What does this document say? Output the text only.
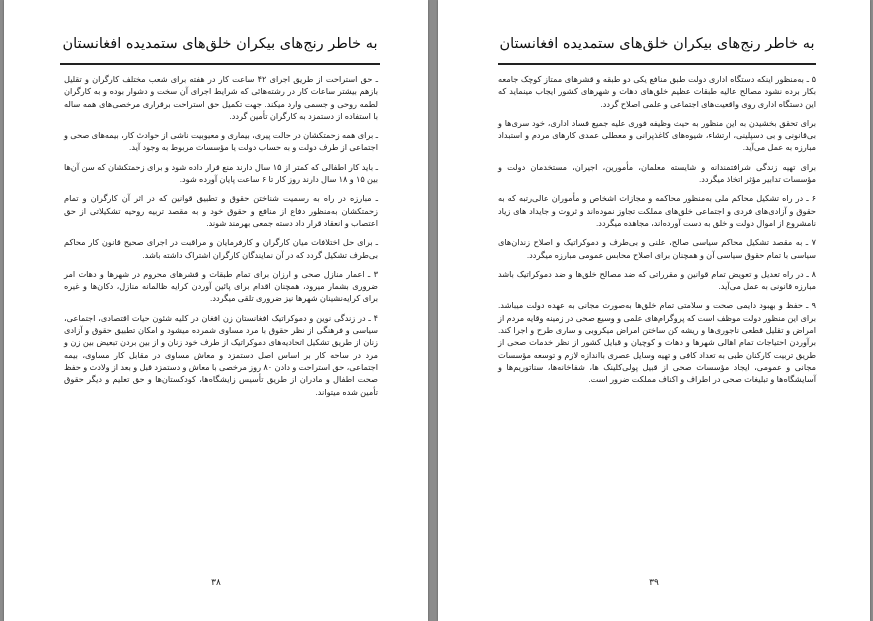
به خاطر رنج‌های بیکران خلق‌های ستمدیده افغانستان

ـ حق استراحت از طریق اجرای ۴۲ ساعت کار در هفته برای شعب مختلف کارگران و تقلیل بازهم بیشتر ساعات کار در رشته‌هائی که شرایط اجرای آن سخت و دشوار بوده و به کارگران لطمه روحی و جسمی وارد میکند. جهت تکمیل حق استراحت برقراری مرخصی‌های همه ساله با استفاده از دستمزد به کارگران تأمین گردد.

ـ برای همه زحمتکشان در حالت پیری، بیماری و معیوبیت ناشی از حوادث کار، بیمه‌های صحی و اجتماعی از طرف دولت و به حساب دولت یا مؤسسات مربوط به وجود آید.

ـ باید کار اطفالی که کمتر از ۱۵ سال دارند منع قرار داده شود و برای زحمتکشان که سن آن‌ها بین ۱۵ و ۱۸ سال دارند روز کار تا ۶ ساعت پایان آورده شود.

ـ مبارزه در راه به رسمیت شناختن حقوق و تطبیق قوانین که در اثر آن کارگران و تمام زحمتکشان به‌منظور دفاع از منافع و حقوق خود و به مقصد تربیه روحیه تشکیلاتی از حق اعتصاب و انعقاد قرار داد دسته جمعی بهرمند شوند.

ـ برای حل اختلافات میان کارگران و کارفرمایان و مراقبت در اجرای صحیح قانون کار محاکم بی‌طرف تشکیل گردد که در آن نمایندگان کارگران اشتراک داشته باشد.

۳ ـ اعمار منازل صحی و ارزان برای تمام طبقات و قشرهای محروم در شهرها و دهات امر ضروری بشمار میرود، همچنان اقدام برای پائین آوردن کرایه ظالمانه منازل، دکان‌ها و غیره برای کرایه‌نشینان شهرها نیز ضروری تلقی میگردد.

۴ ـ در زندگی نوین و دموکراتیک افغانستان زن افغان در کلیه شئون حیات اقتصادی، اجتماعی، سیاسی و فرهنگی از نظر حقوق با مرد مساوی شمرده میشود و امکان تطبیق حقوق و آزادی زنان از طریق تشکیل اتحادیه‌های دموکراتیک از طرف خود زنان و از بین بردن تبعیض بین زن و مرد در ساحه کار بر اساس اصل دستمزد و معاش مساوی در مقابل کار مساوی، بیمه اجتماعی، حق استراحت و دادن ۸۰ روز مرخصی با معاش و دستمزد قبل و بعد از ولادت و حفظ صحت اطفال و مادران از طریق تأسیس زایشگاه‌ها، کودکستان‌ها و حق تعلیم و دیگر حقوق تأمین شده میتواند.

۳۸
به خاطر رنج‌های بیکران خلق‌های ستمدیده افغانستان

۵ ـ به‌منظور اینکه دستگاه اداری دولت طبق منافع یکی دو طبقه و قشرهای ممتاز کوچک جامعه بکار برده نشود مصالح عالیه طبقات عظیم خلق‌های دهات و شهرهای کشور ایجاب مینماید که این دستگاه اداری روی واقعیت‌های اجتماعی و علمی اصلاح گردد.

برای تحقق بخشیدن به این منظور به حیث وظیفه فوری علیه جمیع فساد اداری، خود سری‌ها و بی‌قانونی و بی دسپلینی، ارتشاء، شیوه‌های کاغذپرانی و معطلی عمدی کارهای مردم و استبداد مبارزه به عمل می‌آید.

برای تهیه زندگی شرافتمندانه و شایسته معلمان، مأمورین، اجیران، مستخدمان دولت و مؤسسات تدابیر مؤثر اتخاذ میگردد.

۶ ـ در راه تشکیل محاکم ملی به‌منظور محاکمه و مجازات اشخاص و مأموران عالی‌رتبه که به حقوق و آزادی‌های فردی و اجتماعی خلق‌های مملکت تجاوز نموده‌اند و ثروت و جایداد های زیاد نامشروع از اموال دولت و خلق به دست آورده‌اند، مجاهده میگردد.

۷ ـ به مقصد تشکیل محاکم سیاسی صالح، علنی و بی‌طرف و دموکراتیک و اصلاح زندان‌های سیاسی با تمام حقوق سیاسی آن و همچنان برای اصلاح محابس عمومی مبارزه میگردد.

۸ ـ در راه تعدیل و تعویض تمام قوانین و مقرراتی که ضد مصالح خلق‌ها و ضد دموکراتیک باشد مبارزه قانونی به عمل می‌آید.

۹ ـ حفظ و بهبود دایمی صحت و سلامتی تمام خلق‌ها به‌صورت مجانی به عهده دولت میباشد. برای این منظور دولت موظف است که پروگرام‌های علمی و وسیع صحی در زمینه وقایه مردم از امراض و تقلیل قطعی ناجوری‌ها و ریشه کن ساختن امراض میکروبی و ساری طرح و اجرا کند. برآوردن احتیاجات تمام اهالی شهرها و دهات و کوچیان و قبایل کشور از نظر خدمات صحی از طریق تربیت کارکنان طبی به تعداد کافی و تهیه وسایل عصری بااندازه لازم و توسعه مؤسسات مجانی و عمومی، ایجاد مؤسسات صحی از قبیل پولی‌کلینک ها، شفاخانه‌ها، سناتوریم‌ها و آسایشگاه‌ها و تبلیغات صحی در اطراف و اکناف مملکت ضرور است.

۳۹
